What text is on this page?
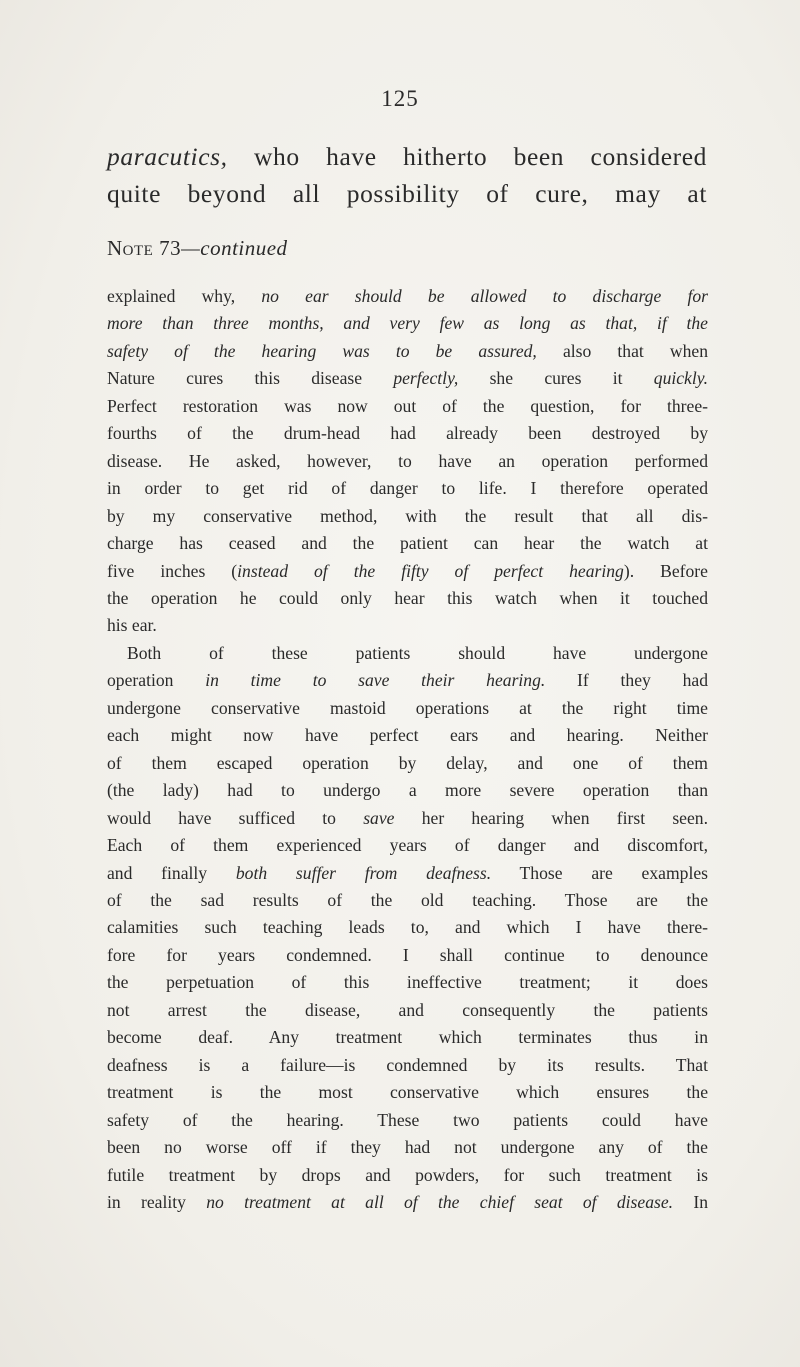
125
paracutics, who have hitherto been considered
quite beyond all possibility of cure, may at
Note 73—continued
explained why, no ear should be allowed to discharge for
more than three months, and very few as long as that, if the
safety of the hearing was to be assured, also that when
Nature cures this disease perfectly, she cures it quickly.
Perfect restoration was now out of the question, for three-
fourths of the drum-head had already been destroyed by
disease. He asked, however, to have an operation performed
in order to get rid of danger to life. I therefore operated
by my conservative method, with the result that all dis-
charge has ceased and the patient can hear the watch at
five inches (instead of the fifty of perfect hearing). Before
the operation he could only hear this watch when it touched
his ear.
Both of these patients should have undergone
operation in time to save their hearing. If they had
undergone conservative mastoid operations at the right time
each might now have perfect ears and hearing. Neither
of them escaped operation by delay, and one of them
(the lady) had to undergo a more severe operation than
would have sufficed to save her hearing when first seen.
Each of them experienced years of danger and discomfort,
and finally both suffer from deafness. Those are examples
of the sad results of the old teaching. Those are the
calamities such teaching leads to, and which I have there-
fore for years condemned. I shall continue to denounce
the perpetuation of this ineffective treatment; it does
not arrest the disease, and consequently the patients
become deaf. Any treatment which terminates thus in
deafness is a failure—is condemned by its results. That
treatment is the most conservative which ensures the
safety of the hearing. These two patients could have
been no worse off if they had not undergone any of the
futile treatment by drops and powders, for such treatment is
in reality no treatment at all of the chief seat of disease. In
